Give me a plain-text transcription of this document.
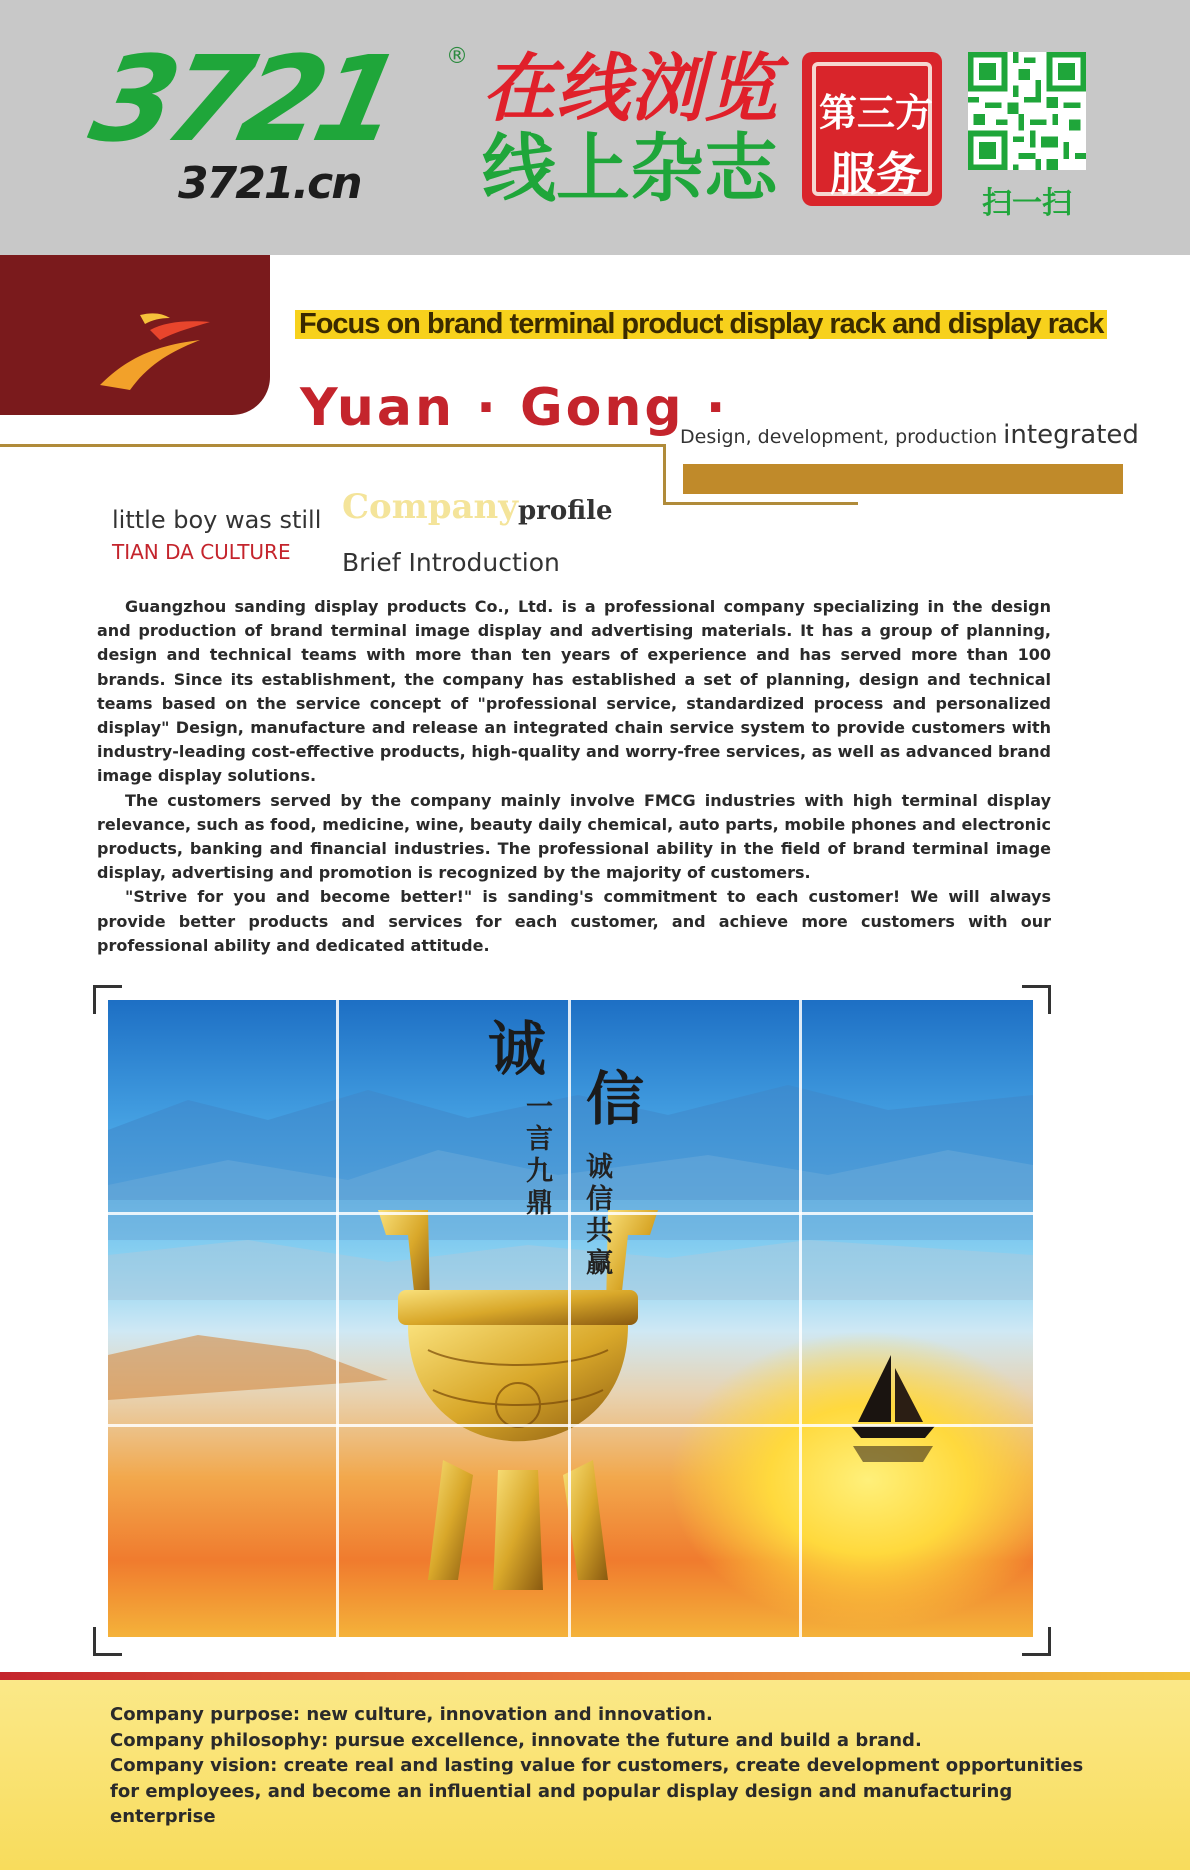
3721 ®
3721.cn
在线浏览
线上杂志
第三方
服务
扫一扫
Focus on brand terminal product display rack and display rack
Yuan · Gong ·
Design, development, production integrated
little boy was still
TIAN DA CULTURE
Company profile
Brief Introduction

Guangzhou sanding display products Co., Ltd. is a professional company specializing in the design and production of brand terminal image display and advertising materials. It has a group of planning, design and technical teams with more than ten years of experience and has served more than 100 brands. Since its establishment, the company has established a set of planning, design and technical teams based on the service concept of "professional service, standardized process and personalized display" Design, manufacture and release an integrated chain service system to provide customers with industry-leading cost-effective products, high-quality and worry-free services, as well as advanced brand image display solutions.

The customers served by the company mainly involve FMCG industries with high terminal display relevance, such as food, medicine, wine, beauty daily chemical, auto parts, mobile phones and electronic products, banking and financial industries. The professional ability in the field of brand terminal image display, advertising and promotion is recognized by the majority of customers.

"Strive for you and become better!" is sanding's commitment to each customer! We will always provide better products and services for each customer, and achieve more customers with our professional ability and dedicated attitude.

诚
信
一言九鼎
诚信共赢
Company purpose: new culture, innovation and innovation.
Company philosophy: pursue excellence, innovate the future and build a brand.
Company vision: create real and lasting value for customers, create development opportunities for employees, and become an influential and popular display design and manufacturing enterprise
